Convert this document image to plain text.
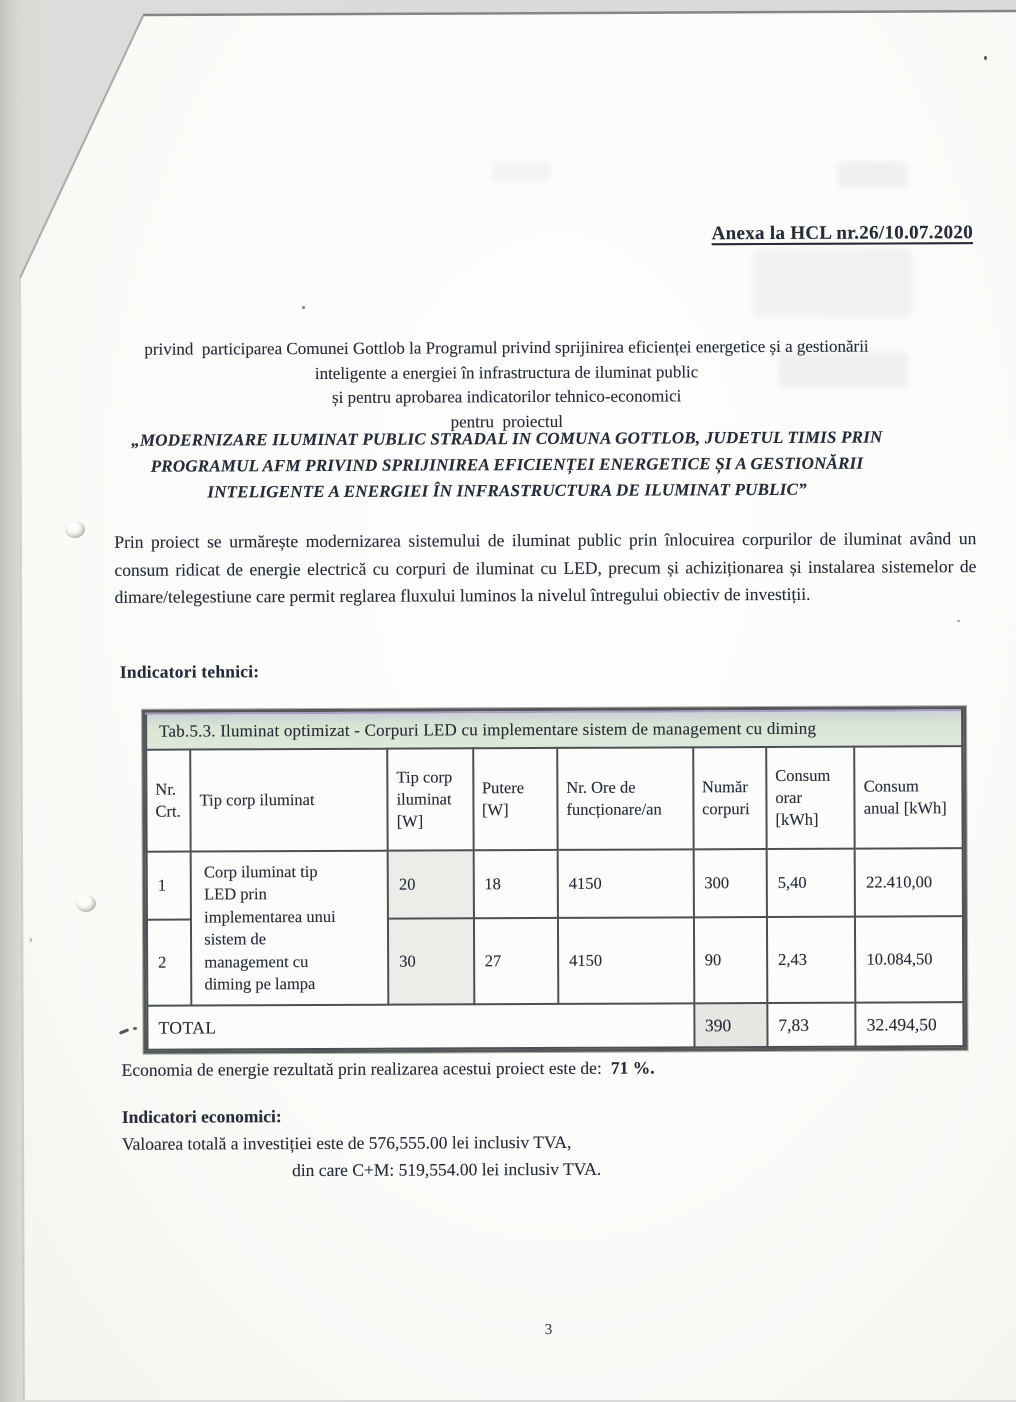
,
Anexa la HCL nr.26/10.07.2020
privind  participarea Comunei Gottlob la Programul privind sprijinirea eficienței energetice și a gestionării
inteligente a energiei în infrastructura de iluminat public
și pentru aprobarea indicatorilor tehnico-economici
pentru  proiectul
„MODERNIZARE ILUMINAT PUBLIC STRADAL IN COMUNA GOTTLOB, JUDETUL TIMIS PRIN
PROGRAMUL AFM PRIVIND SPRIJINIREA EFICIENȚEI ENERGETICE ȘI A GESTIONĂRII
INTELIGENTE A ENERGIEI ÎN INFRASTRUCTURA DE ILUMINAT PUBLIC”
Prin proiect se urmărește modernizarea sistemului de iluminat public prin înlocuirea corpurilor de iluminat având un consum ridicat de energie electrică cu corpuri de iluminat cu LED, precum și achiziționarea și instalarea sistemelor de dimare/telegestiune care permit reglarea fluxului luminos la nivelul întregului obiectiv de investiții.
Indicatori tehnici:
Tab.5.3. Iluminat optimizat - Corpuri LED cu implementare sistem de management cu diming							
Nr. Crt.	Tip corp iluminat	Tip corp iluminat [W]	Putere [W]	Nr. Ore de funcționare/an	Număr corpuri	Consum orar [kWh]	Consum anual [kWh]
1	Corp iluminat tip
LED prin
implementarea unui
sistem de
management cu
diming pe lampa	20	18	4150	300	5,40	22.410,00
2		30	27	4150	90	2,43	10.084,50
TOTAL					390	7,83	32.494,50
Economia de energie rezultată prin realizarea acestui proiect este de: 71 %.
Indicatori economici:
Valoarea totală a investiției este de 576,555.00 lei inclusiv TVA,
din care C+M: 519,554.00 lei inclusiv TVA.
3
